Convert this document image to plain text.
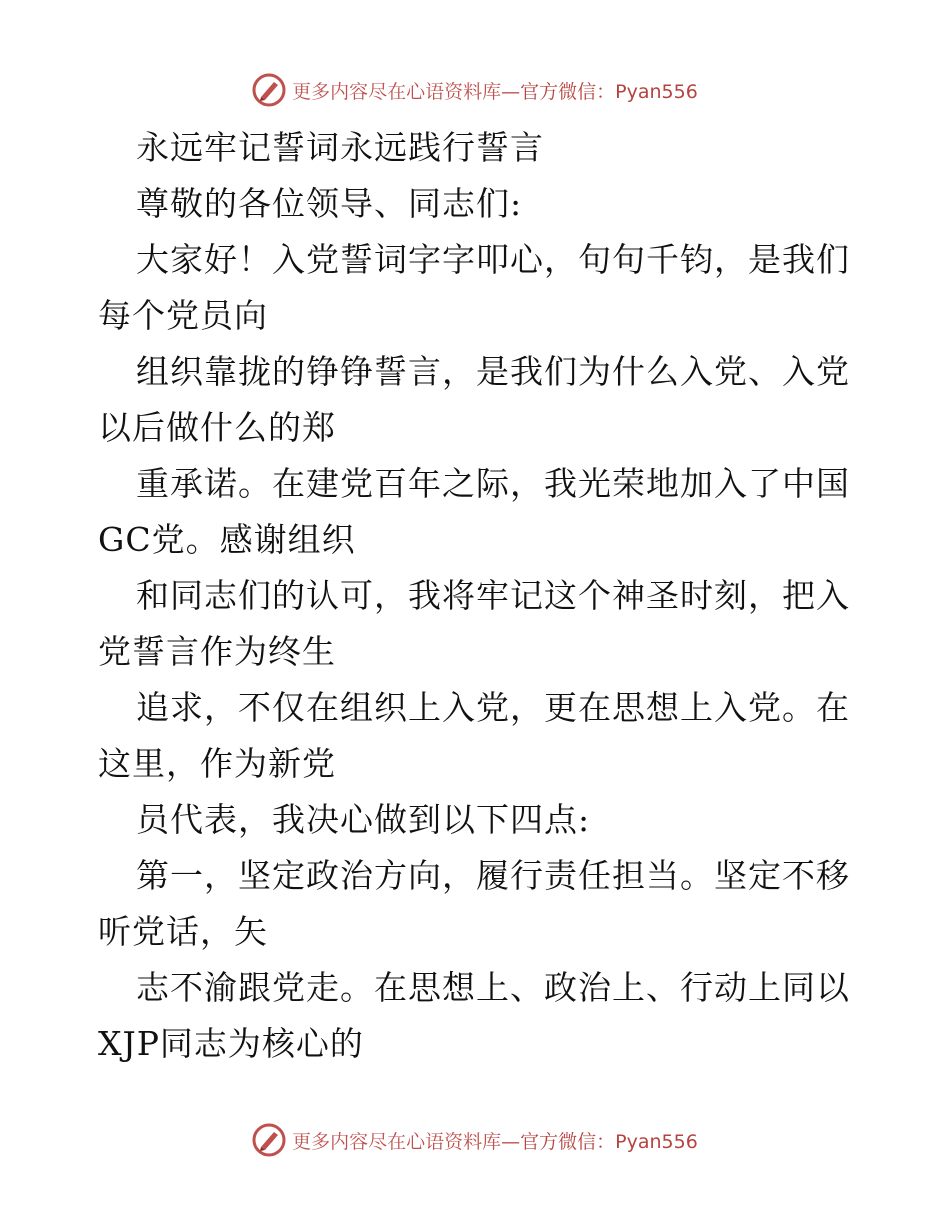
更多内容尽在心语资料库—官方微信：Pyan556
永远牢记誓词永远践行誓言
尊敬的各位领导、同志们:
大家好！入党誓词字字叩心，句句千钧，是我们
每个党员向
组织靠拢的铮铮誓言，是我们为什么入党、入党
以后做什么的郑
重承诺。在建党百年之际，我光荣地加入了中国
GC党。感谢组织
和同志们的认可，我将牢记这个神圣时刻，把入
党誓言作为终生
追求，不仅在组织上入党，更在思想上入党。在
这里，作为新党
员代表，我决心做到以下四点:
第一，坚定政治方向，履行责任担当。坚定不移
听党话，矢
志不渝跟党走。在思想上、政治上、行动上同以
XJP同志为核心的
更多内容尽在心语资料库—官方微信：Pyan556
